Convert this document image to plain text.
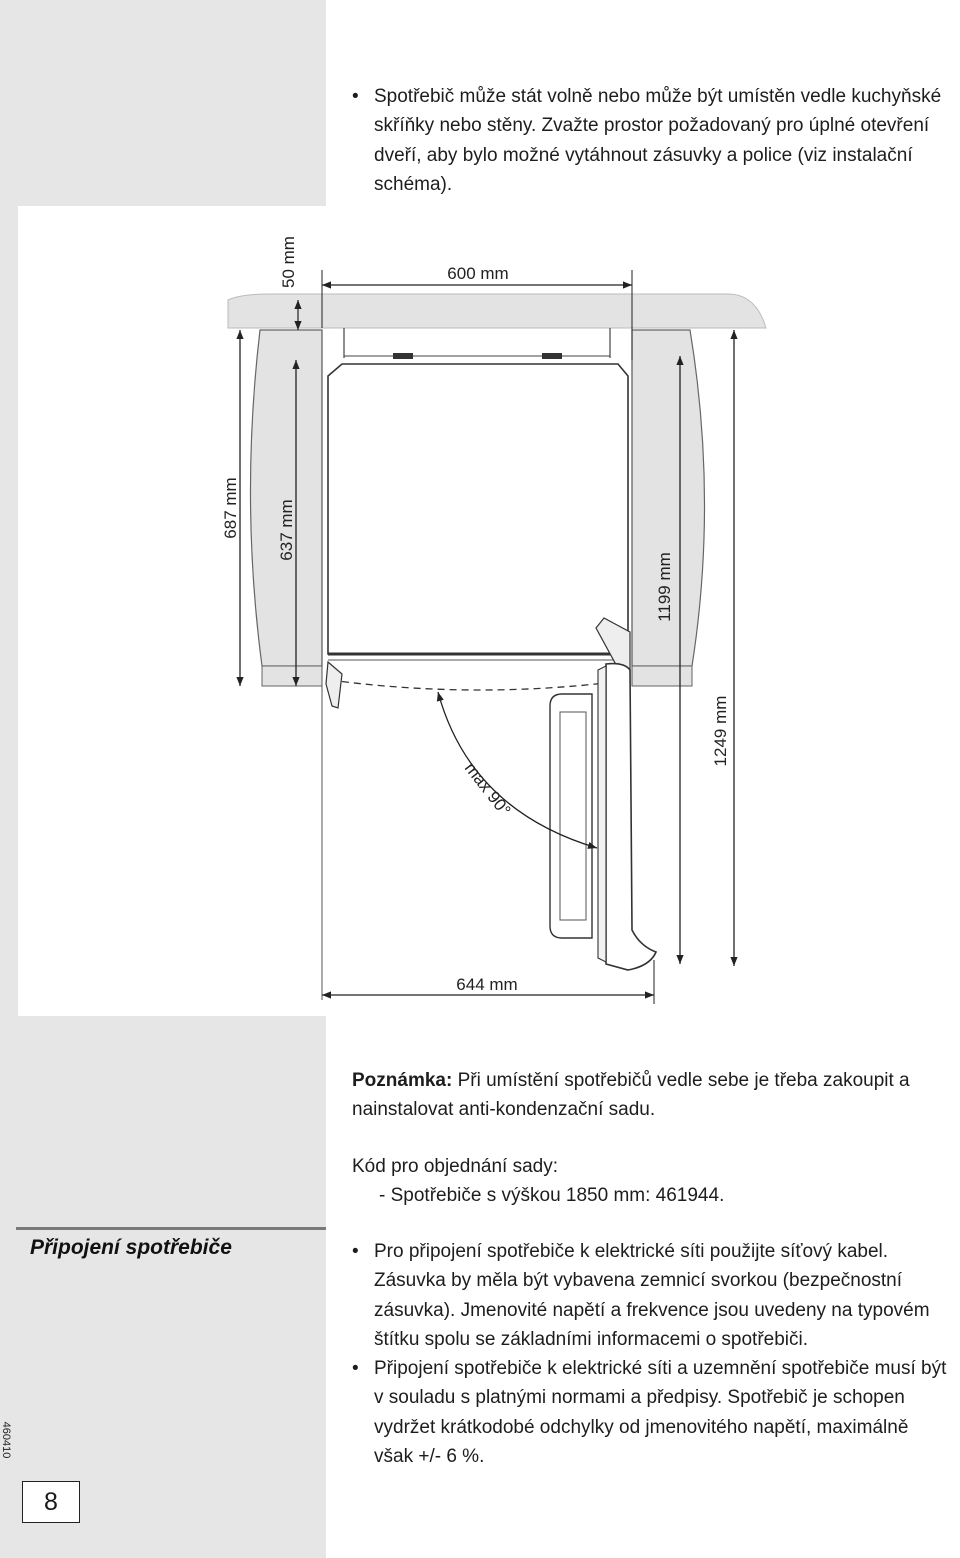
• Spotřebič může stát volně nebo může být umístěn vedle kuchyňské skříňky nebo stěny. Zvažte prostor požadovaný pro úplné otevření dveří, aby bylo možné vytáhnout zásuvky a police (viz instalační schéma).
600 mm
50 mm
687 mm 637 mm
1199 mm
1249 mm
644 mm
max 90°
Poznámka: Při umístění spotřebičů vedle sebe je třeba zakoupit a nainstalovat anti-kondenzační sadu.
Kód pro objednání sady:
- Spotřebiče s výškou 1850 mm: 461944.
Připojení spotřebiče
•	Pro připojení spotřebiče k elektrické síti použijte síťový kabel. Zásuvka by měla být vybavena zemnicí svorkou (bezpečnostní zásuvka). Jmenovité napětí a frekvence jsou uvedeny na typovém štítku spolu se základními informacemi o spotřebiči.
• Připojení spotřebiče k elektrické síti a uzemnění spotřebiče musí být v souladu s platnými normami a předpisy. Spotřebič je schopen vydržet krátkodobé odchylky od jmenovitého napětí, maximálně však +/- 6 %.
460410
8
